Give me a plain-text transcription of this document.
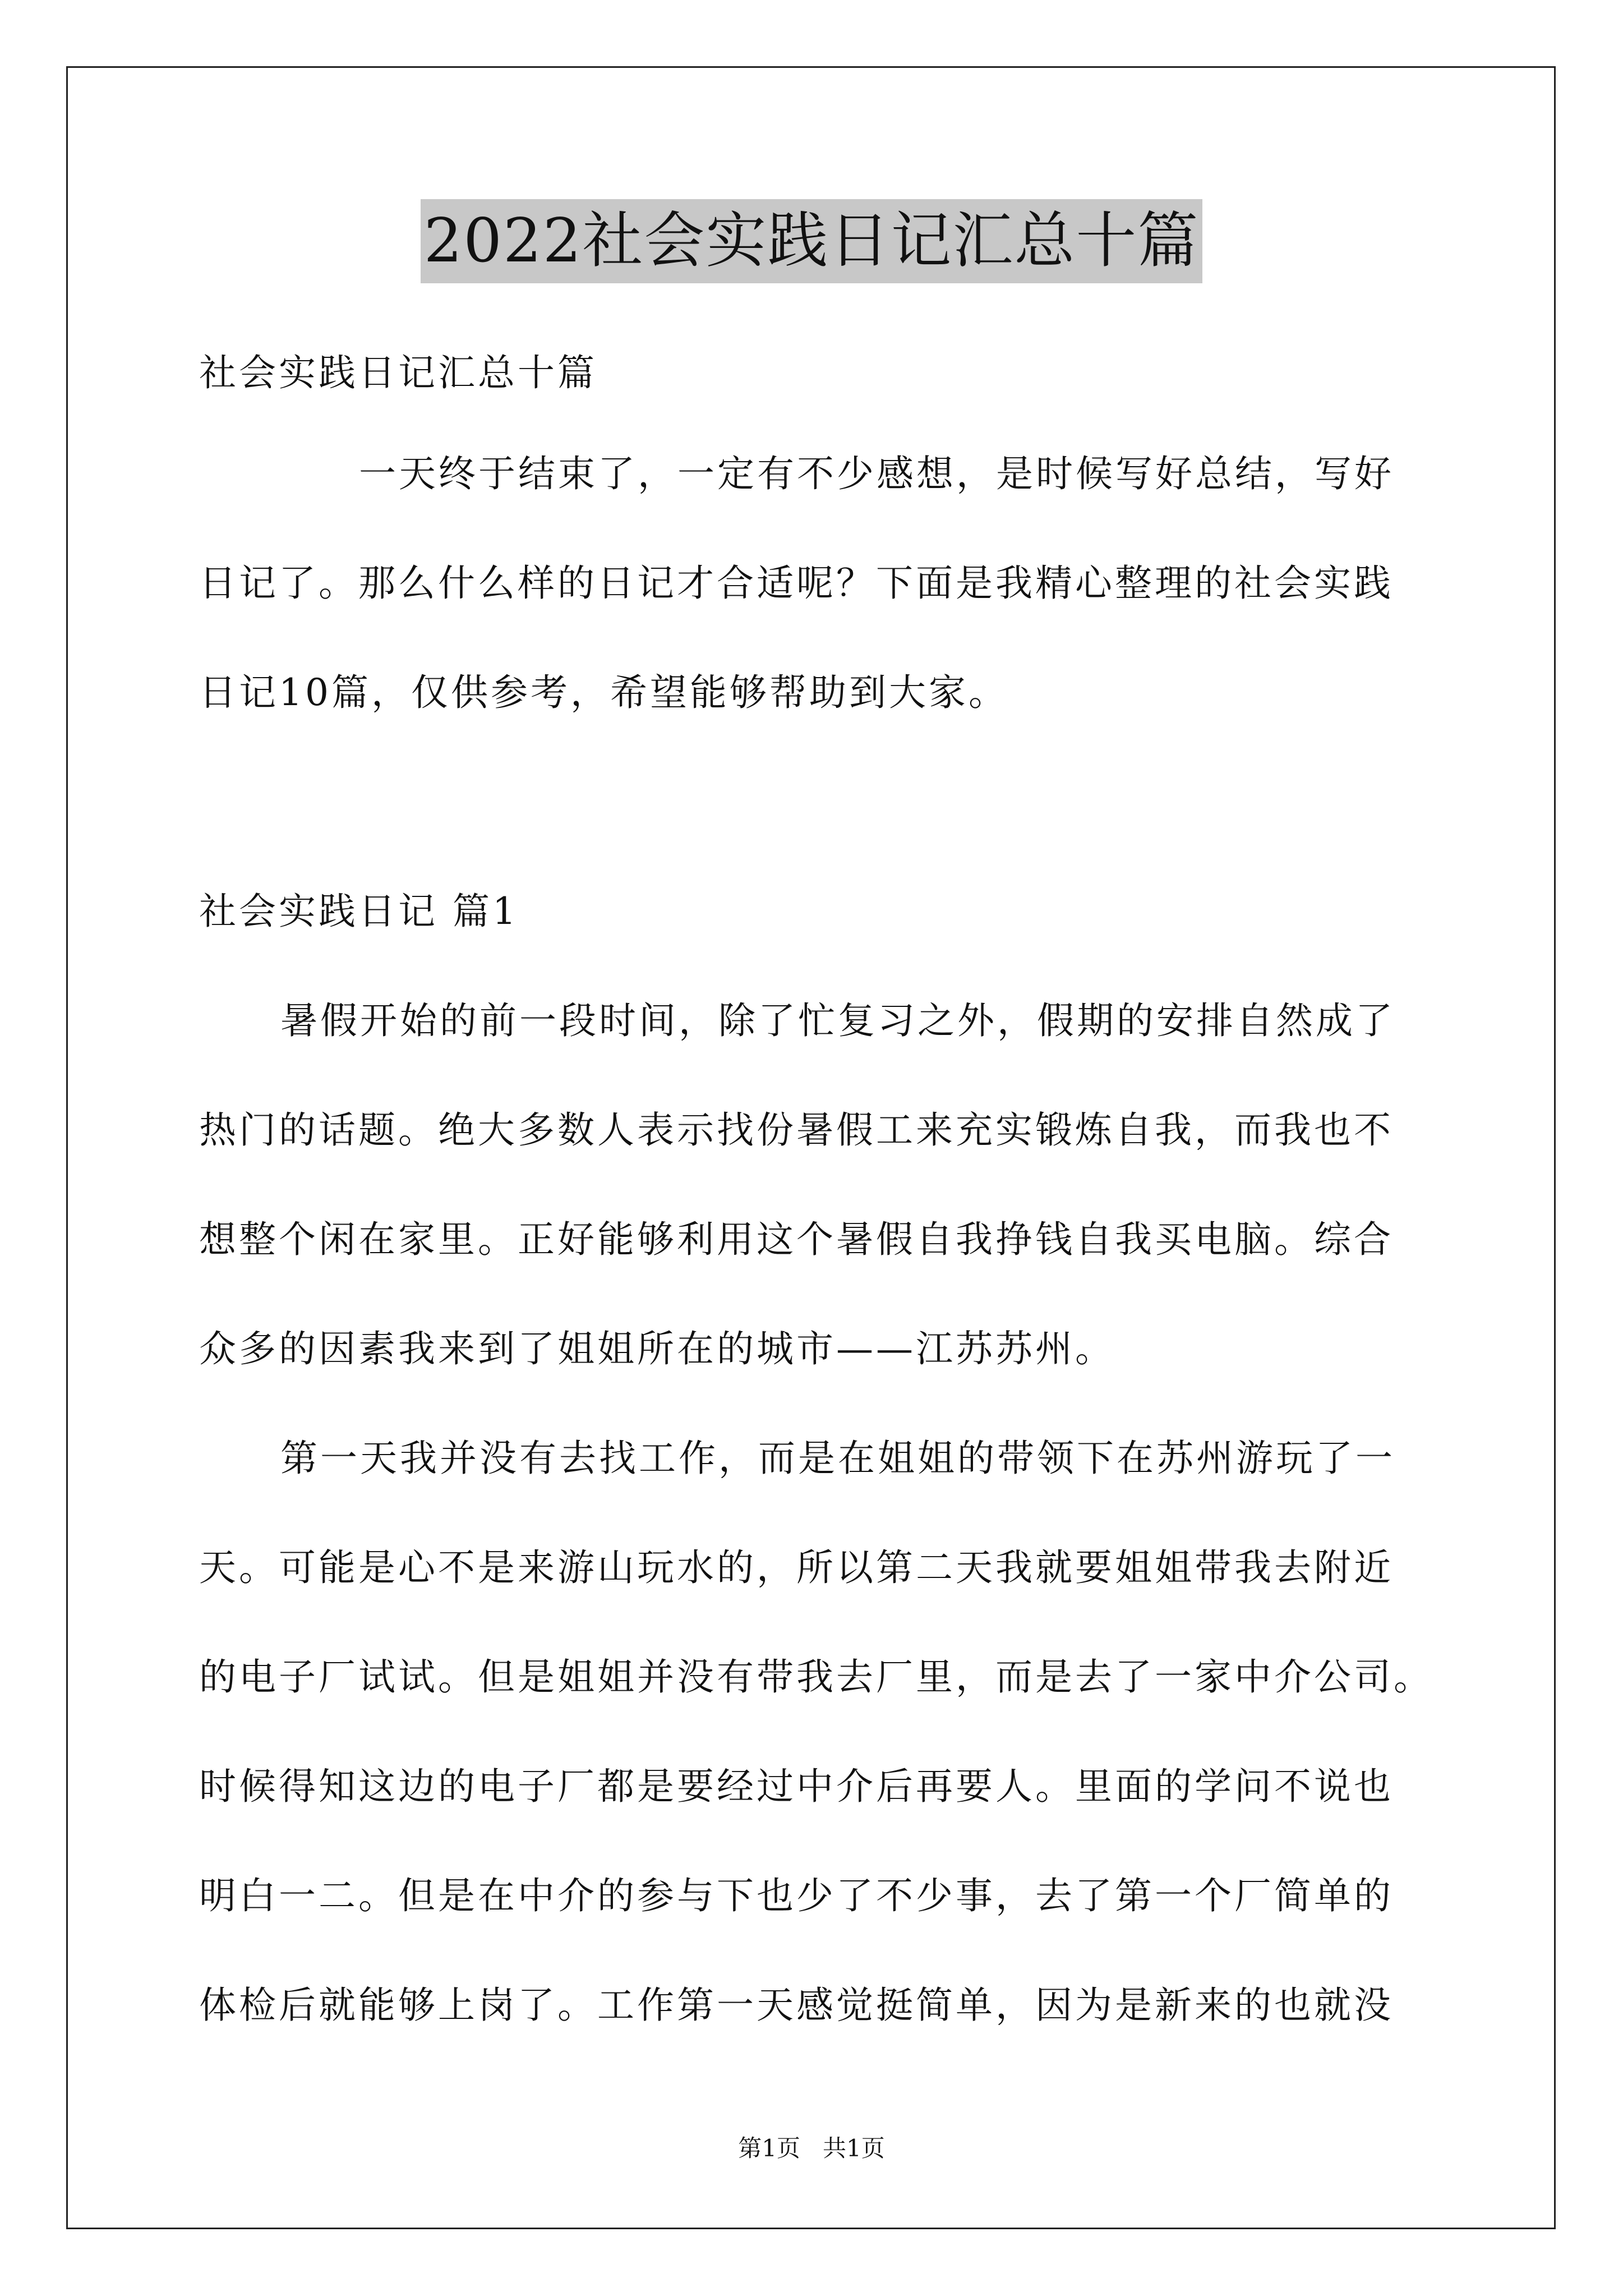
2022社会实践日记汇总十篇
社会实践日记汇总十篇
一天终于结束了，一定有不少感想，是时候写好总结，写好
日记了。那么什么样的日记才合适呢？下面是我精心整理的社会实践
日记10篇，仅供参考，希望能够帮助到大家。
社会实践日记 篇1
暑假开始的前一段时间，除了忙复习之外，假期的安排自然成了
热门的话题。绝大多数人表示找份暑假工来充实锻炼自我，而我也不
想整个闲在家里。正好能够利用这个暑假自我挣钱自我买电脑。综合
众多的因素我来到了姐姐所在的城市——江苏苏州。
第一天我并没有去找工作，而是在姐姐的带领下在苏州游玩了一
天。可能是心不是来游山玩水的，所以第二天我就要姐姐带我去附近
的电子厂试试。但是姐姐并没有带我去厂里，而是去了一家中介公司。
时候得知这边的电子厂都是要经过中介后再要人。里面的学问不说也
明白一二。但是在中介的参与下也少了不少事，去了第一个厂简单的
体检后就能够上岗了。工作第一天感觉挺简单，因为是新来的也就没
第1页 共1页
